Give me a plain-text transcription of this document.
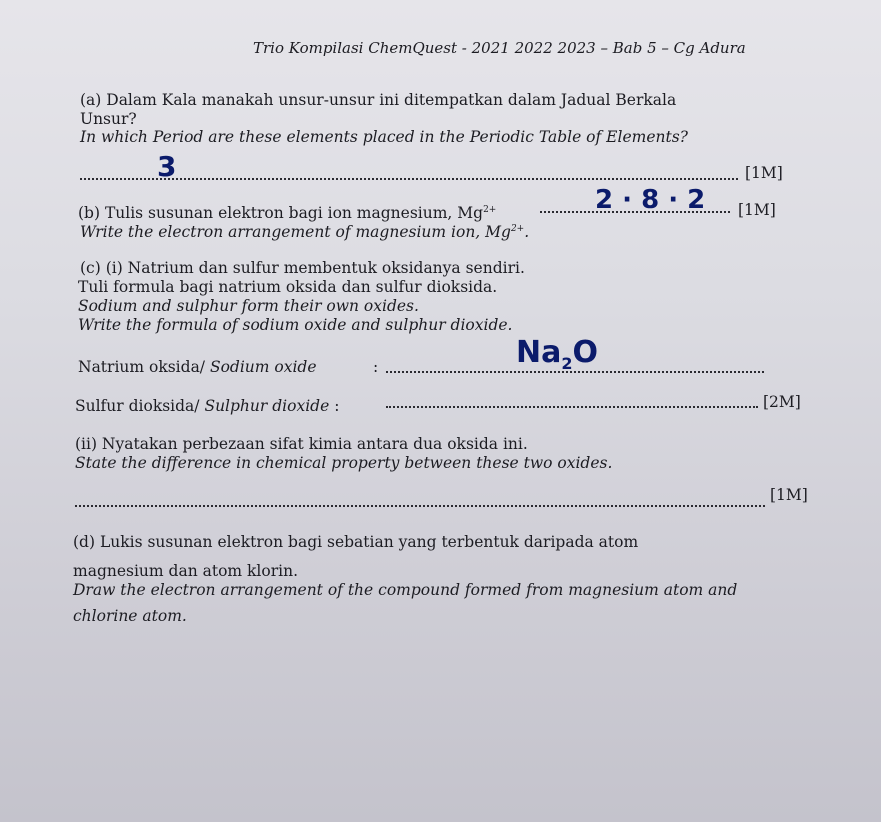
Trio Kompilasi ChemQuest - 2021 2022 2023 – Bab 5 – Cg Adura
(a) Dalam Kala manakah unsur-unsur ini ditempatkan dalam Jadual Berkala
Unsur?
In which Period are these elements placed in the Periodic Table of Elements?
3	[1M]
(b) Tulis susunan elektron bagi ion magnesium, $Mg^{2+}$	2 · 8 · 2 [1M]
Write the electron arrangement of magnesium ion, $Mg^{2+}$.
(c) (i) Natrium dan sulfur membentuk oksidanya sendiri.
Tuli formula bagi natrium oksida dan sulfur dioksida.
Sodium and sulphur form their own oxides.
Write the formula of sodium oxide and sulphur dioxide.
Natrium oksida/ Sodium oxide	:	$Na_2O$
Sulfur dioksida/ Sulphur dioxide :	[2M]
(ii) Nyatakan perbezaan sifat kimia antara dua oksida ini.
State the difference in chemical property between these two oxides.
[1M]
(d) Lukis susunan elektron bagi sebatian yang terbentuk daripada atom
magnesium dan atom klorin.
Draw the electron arrangement of the compound formed from magnesium atom and
chlorine atom.
